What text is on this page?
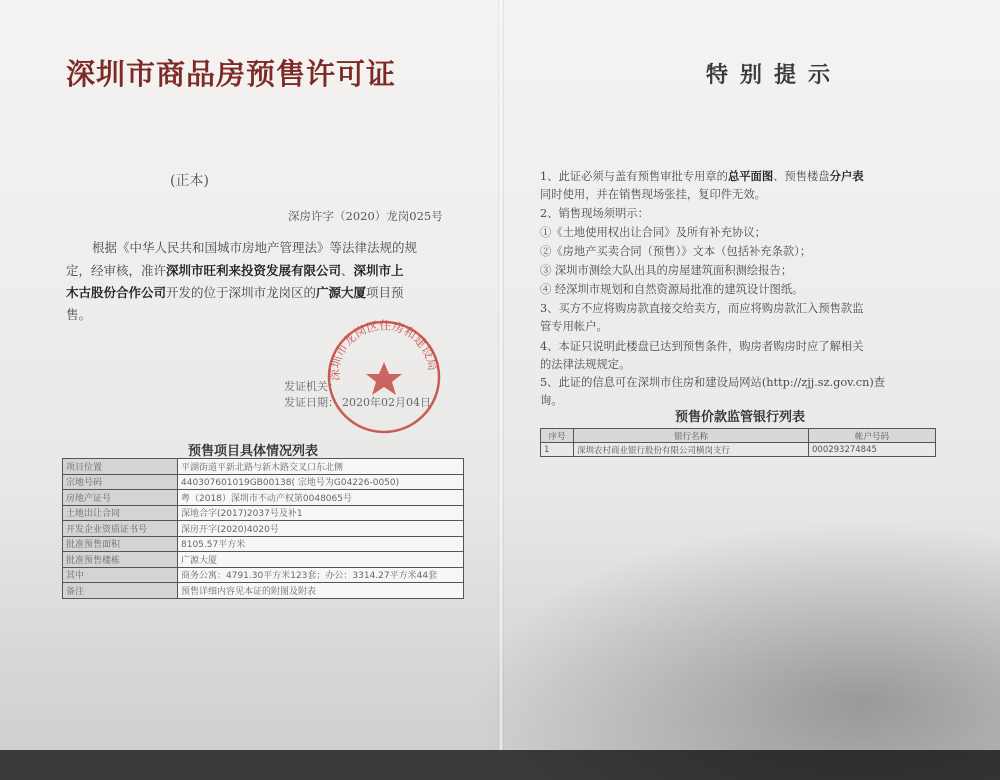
深圳市商品房预售许可证
(正本)
深房许字（2020）龙岗025号
根据《中华人民共和国城市房地产管理法》等法律法规的规
定，经审核，准许深圳市旺利来投资发展有限公司、深圳市上
木古股份合作公司开发的位于深圳市龙岗区的广源大厦项目预
售。
深圳市龙岗区住房和建设局
发证机关：
发证日期： 2020年02月04日
预售项目具体情况列表
项目位置	平湖街道平新北路与新木路交叉口东北侧
宗地号码	440307601019GB00138( 宗地号为G04226-0050)
房地产证号	粤（2018）深圳市不动产权第0048065号
土地出让合同	深地合字(2017)2037号及补1
开发企业资质证书号	深房开字(2020)4020号
批准预售面积	8105.57平方米
批准预售楼栋	广源大厦
其中	商务公寓：4791.30平方米123套；办公：3314.27平方米44套
备注	预售详细内容见本证的附图及附表
特别提示
1、此证必须与盖有预售审批专用章的总平面图、预售楼盘分户表
同时使用，并在销售现场张挂，复印件无效。
2、销售现场须明示：
①《土地使用权出让合同》及所有补充协议；
②《房地产买卖合同（预售）》文本（包括补充条款）；
③ 深圳市测绘大队出具的房屋建筑面积测绘报告；
④ 经深圳市规划和自然资源局批准的建筑设计图纸。
3、买方不应将购房款直接交给卖方，而应将购房款汇入预售款监
管专用帐户。
4、本证只说明此楼盘已达到预售条件，购房者购房时应了解相关
的法律法规规定。
5、此证的信息可在深圳市住房和建设局网站(http://zjj.sz.gov.cn)查
询。
预售价款监管银行列表
序号	银行名称	帐户号码
1	深圳农村商业银行股份有限公司横岗支行	000293274845
